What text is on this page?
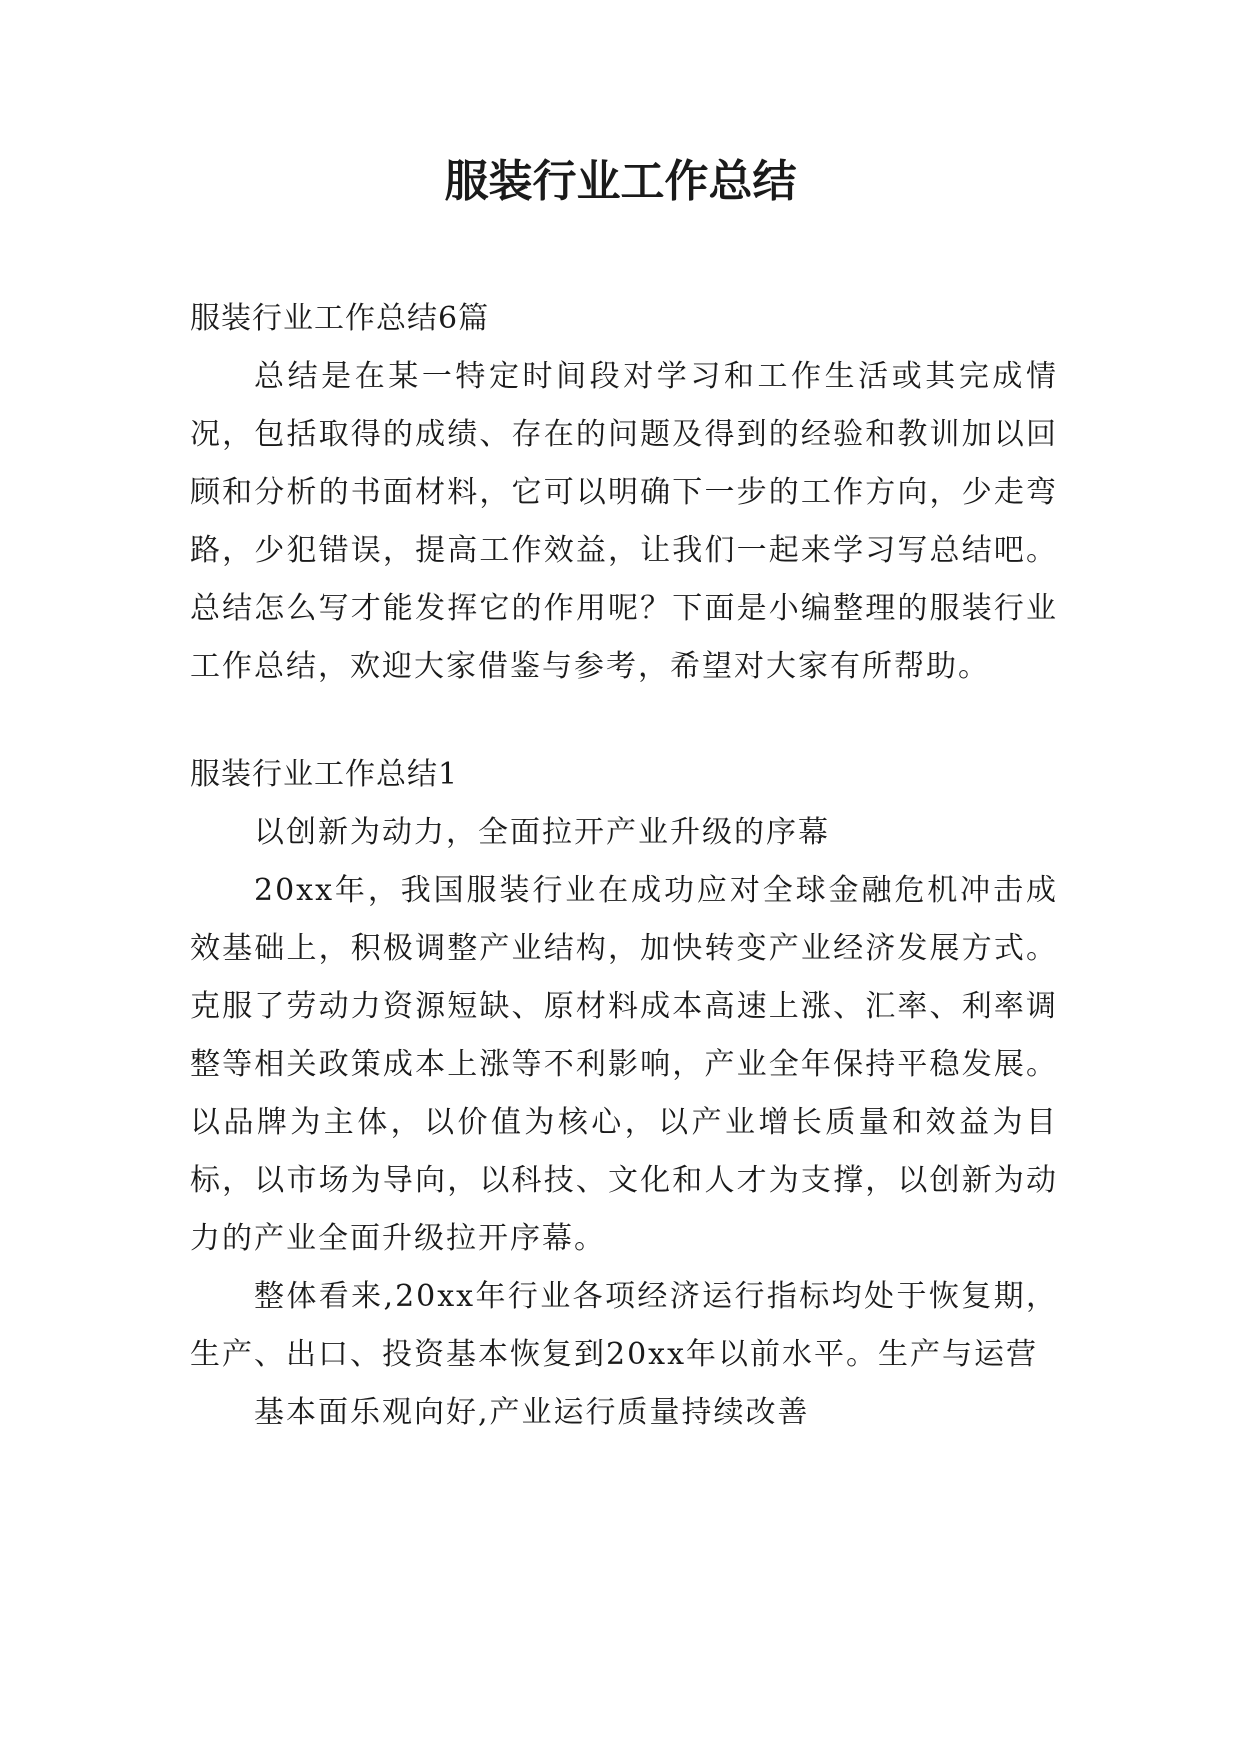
服装行业工作总结

服装行业工作总结6篇

总结是在某一特定时间段对学习和工作生活或其完成情况，包括取得的成绩、存在的问题及得到的经验和教训加以回顾和分析的书面材料，它可以明确下一步的工作方向，少走弯路，少犯错误，提高工作效益，让我们一起来学习写总结吧。总结怎么写才能发挥它的作用呢？下面是小编整理的服装行业工作总结，欢迎大家借鉴与参考，希望对大家有所帮助。

服装行业工作总结1

以创新为动力，全面拉开产业升级的序幕

20xx年，我国服装行业在成功应对全球金融危机冲击成效基础上，积极调整产业结构，加快转变产业经济发展方式。克服了劳动力资源短缺、原材料成本高速上涨、汇率、利率调整等相关政策成本上涨等不利影响，产业全年保持平稳发展。以品牌为主体，以价值为核心，以产业增长质量和效益为目标，以市场为导向，以科技、文化和人才为支撑，以创新为动力的产业全面升级拉开序幕。

整体看来,20xx年行业各项经济运行指标均处于恢复期，生产、出口、投资基本恢复到20xx年以前水平。生产与运营

基本面乐观向好,产业运行质量持续改善
